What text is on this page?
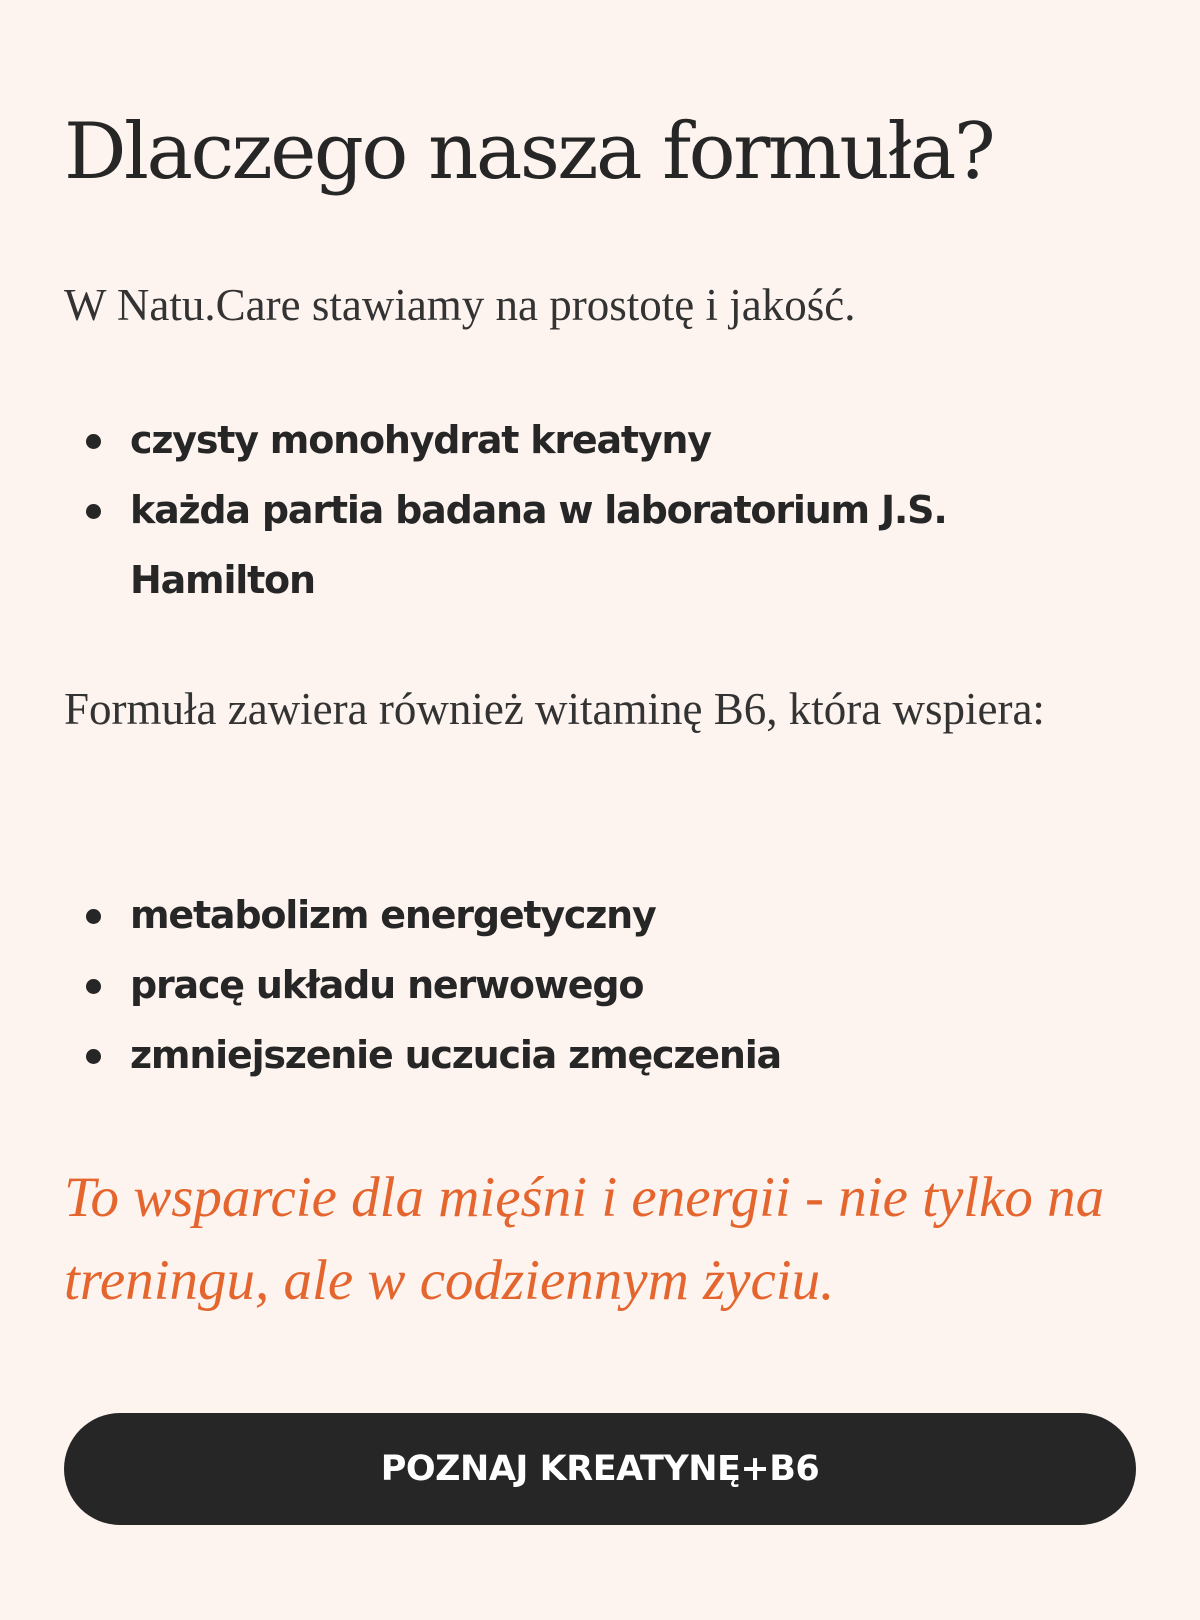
Dlaczego nasza formuła?

W Natu.Care stawiamy na prostotę i jakość.

czysty monohydrat kreatyny
każda partia badana w laboratorium J.S. Hamilton

Formuła zawiera również witaminę B6, która wspiera:

metabolizm energetyczny
pracę układu nerwowego
zmniejszenie uczucia zmęczenia

To wsparcie dla mięśni i energii - nie tylko na treningu, ale w codziennym życiu.

POZNAJ KREATYNĘ+B6
